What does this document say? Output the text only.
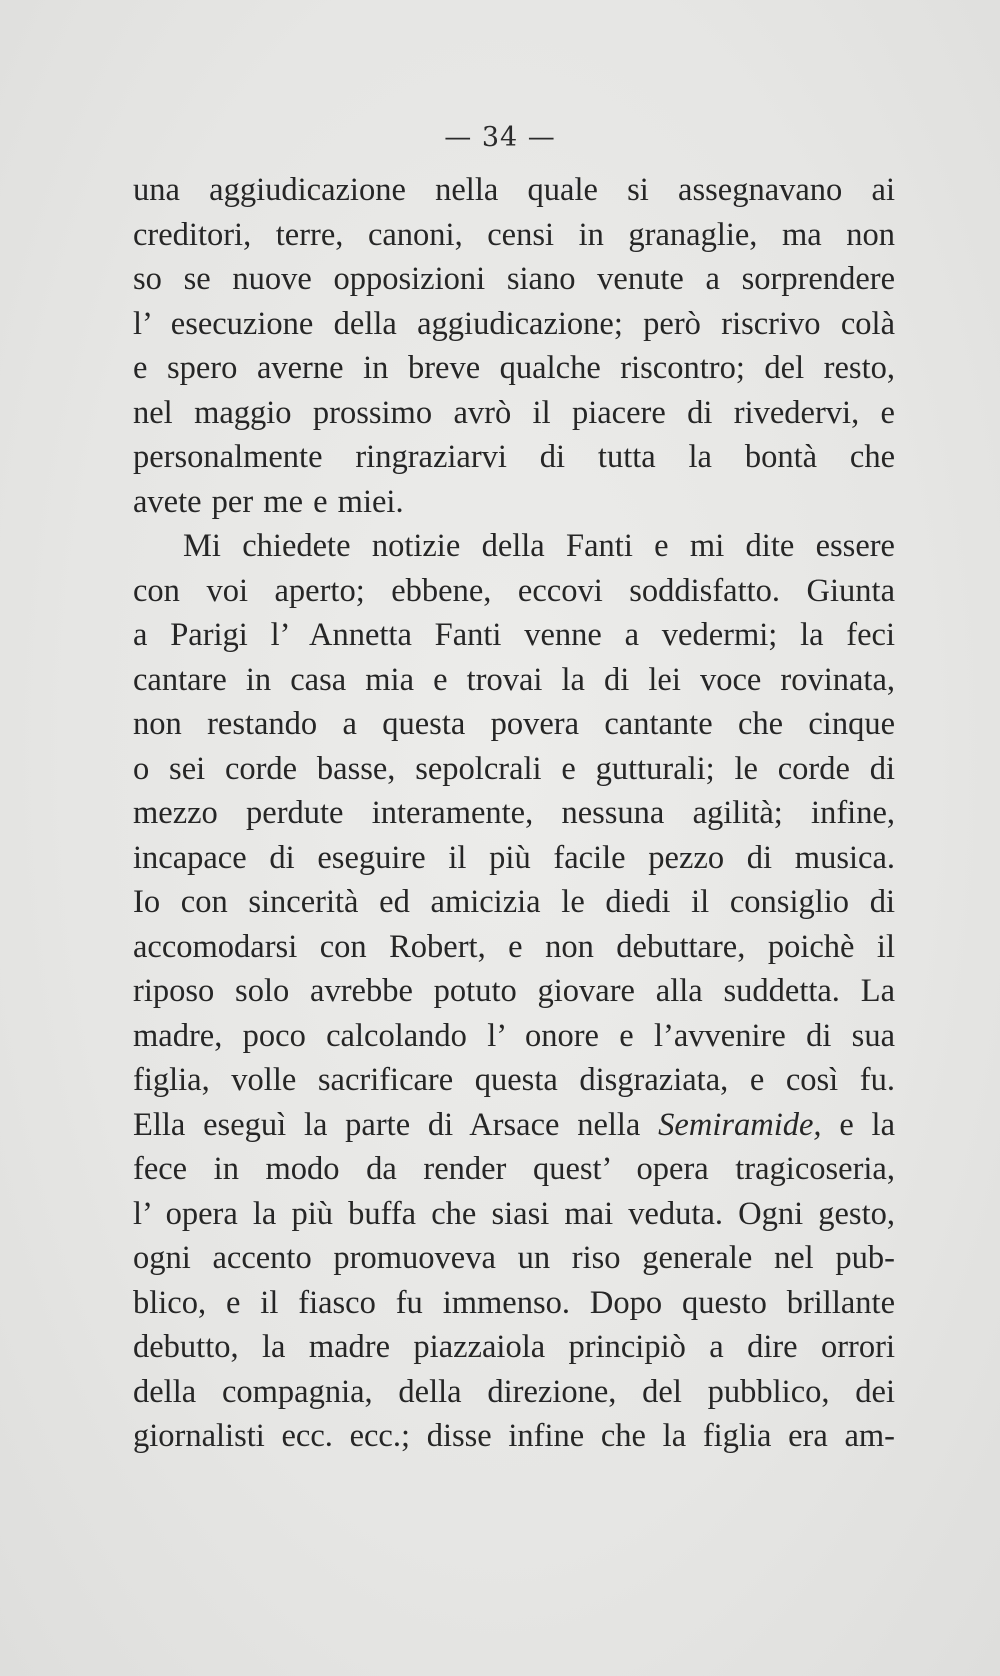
— 34 —
una aggiudicazione nella quale si assegnavano ai
creditori, terre, canoni, censi in granaglie, ma non
so se nuove opposizioni siano venute a sorprendere
l’ esecuzione della aggiudicazione; però riscrivo colà
e spero averne in breve qualche riscontro; del resto,
nel maggio prossimo avrò il piacere di rivedervi, e
personalmente ringraziarvi di tutta la bontà che
avete per me e miei.
Mi chiedete notizie della Fanti e mi dite essere
con voi aperto; ebbene, eccovi soddisfatto. Giunta
a Parigi l’ Annetta Fanti venne a vedermi; la feci
cantare in casa mia e trovai la di lei voce rovinata,
non restando a questa povera cantante che cinque
o sei corde basse, sepolcrali e gutturali; le corde di
mezzo perdute interamente, nessuna agilità; infine,
incapace di eseguire il più facile pezzo di musica.
Io con sincerità ed amicizia le diedi il consiglio di
accomodarsi con Robert, e non debuttare, poichè il
riposo solo avrebbe potuto giovare alla suddetta. La
madre, poco calcolando l’ onore e l’avvenire di sua
figlia, volle sacrificare questa disgraziata, e così fu.
Ella eseguì la parte di Arsace nella Semiramide, e la
fece in modo da render quest’ opera tragicoseria,
l’ opera la più buffa che siasi mai veduta. Ogni gesto,
ogni accento promuoveva un riso generale nel pub-
blico, e il fiasco fu immenso. Dopo questo brillante
debutto, la madre piazzaiola principiò a dire orrori
della compagnia, della direzione, del pubblico, dei
giornalisti ecc. ecc.; disse infine che la figlia era am-
